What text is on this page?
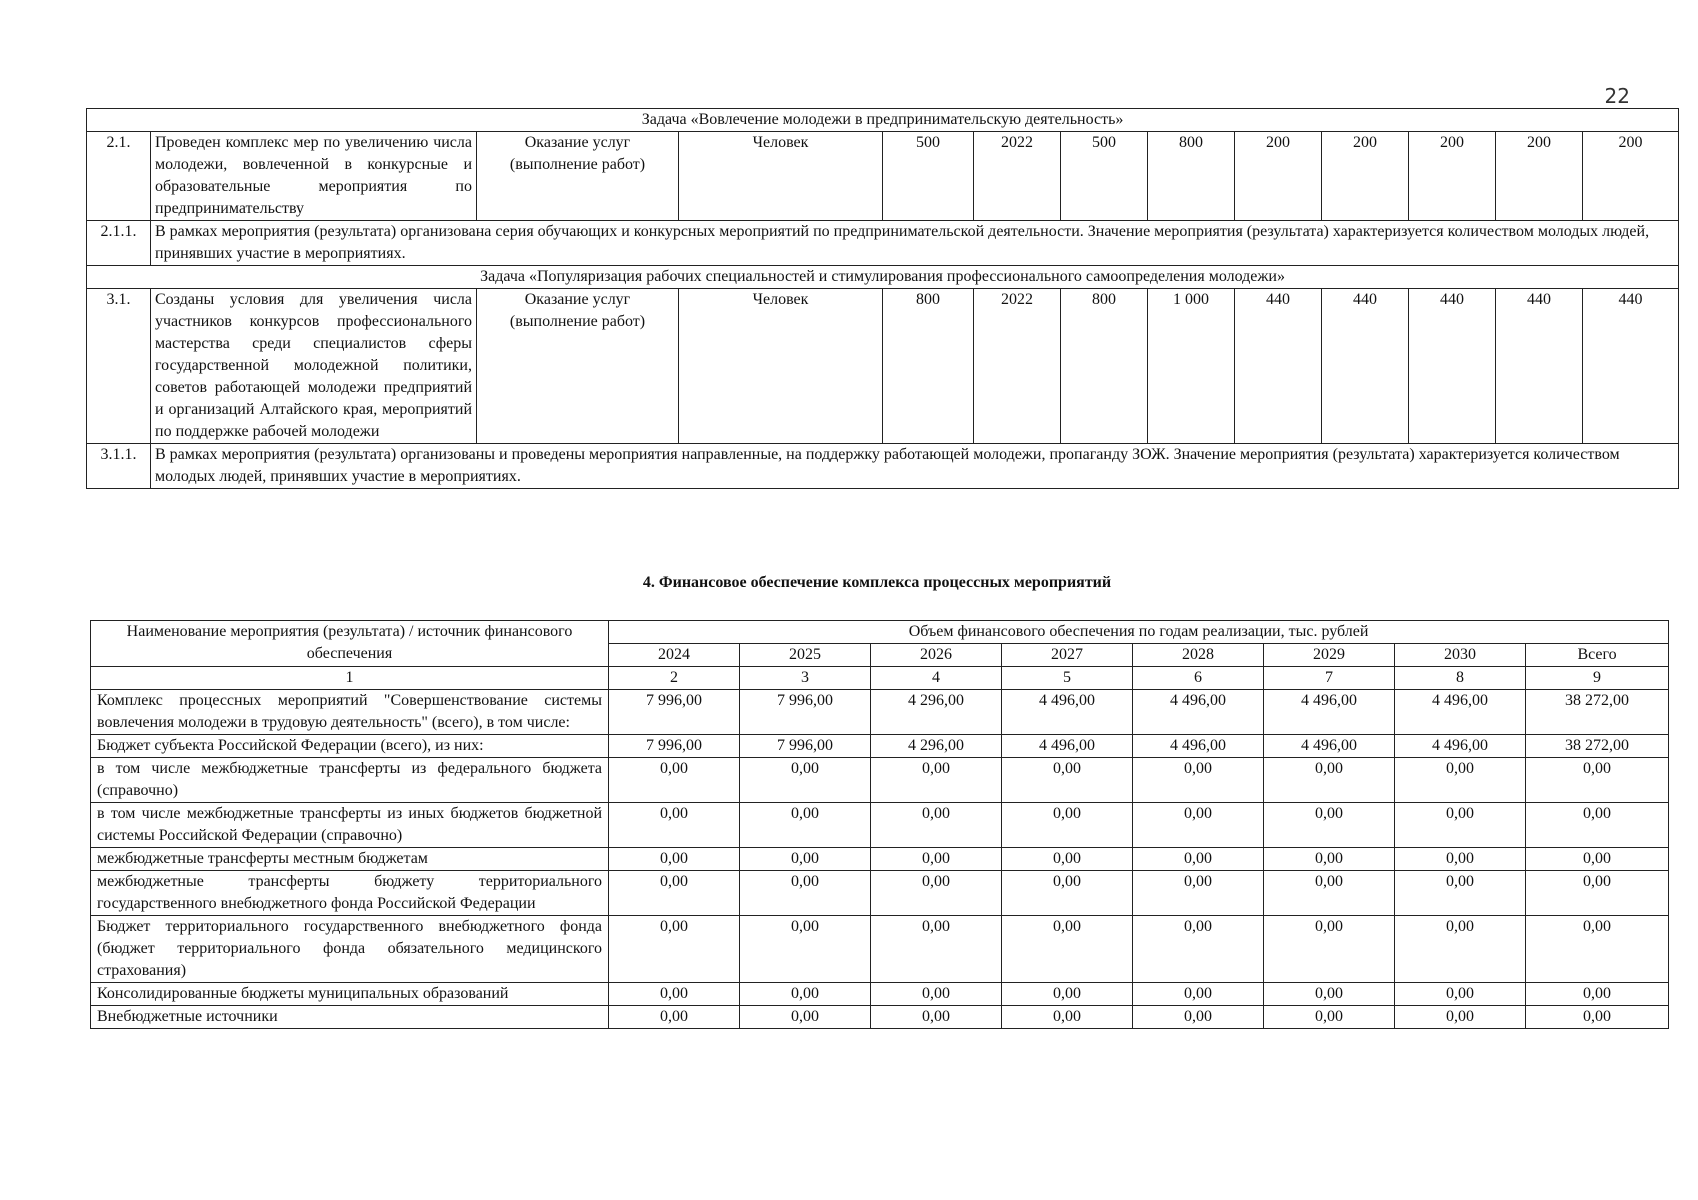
22
Задача «Вовлечение молодежи в предпринимательскую деятельность»												
2.1.	Проведен комплекс мер по увеличению числа молодежи, вовлеченной в конкурсные и образовательные мероприятия по предпринимательству	Оказание услуг (выполнение работ)	Человек	500	2022	500	800	200	200	200	200	200
2.1.1.	В рамках мероприятия (результата) организована серия обучающих и конкурсных мероприятий по предпринимательской деятельности. Значение мероприятия (результата) характеризуется количеством молодых людей, принявших участие в мероприятиях.											
Задача «Популяризация рабочих специальностей и стимулирования профессионального самоопределения молодежи»												
3.1.	Созданы условия для увеличения числа участников конкурсов профессионального мастерства среди специалистов сферы государственной молодежной политики, советов работающей молодежи предприятий и организаций Алтайского края, мероприятий по поддержке рабочей молодежи	Оказание услуг (выполнение работ)	Человек	800	2022	800	1 000	440	440	440	440	440
3.1.1.	В рамках мероприятия (результата) организованы и проведены мероприятия направленные, на поддержку работающей молодежи, пропаганду ЗОЖ. Значение мероприятия (результата) характеризуется количеством молодых людей, принявших участие в мероприятиях.											
4. Финансовое обеспечение комплекса процессных мероприятий
Наименование мероприятия (результата) / источник финансового обеспечения	Объем финансового обеспечения по годам реализации, тыс. рублей							
	2024	2025	2026	2027	2028	2029	2030	Всего
1	2	3	4	5	6	7	8	9
Комплекс процессных мероприятий "Совершенствование системы вовлечения молодежи в трудовую деятельность" (всего), в том числе:	7 996,00	7 996,00	4 296,00	4 496,00	4 496,00	4 496,00	4 496,00	38 272,00
Бюджет субъекта Российской Федерации (всего), из них:	7 996,00	7 996,00	4 296,00	4 496,00	4 496,00	4 496,00	4 496,00	38 272,00
в том числе межбюджетные трансферты из федерального бюджета (справочно)	0,00	0,00	0,00	0,00	0,00	0,00	0,00	0,00
в том числе межбюджетные трансферты из иных бюджетов бюджетной системы Российской Федерации (справочно)	0,00	0,00	0,00	0,00	0,00	0,00	0,00	0,00
межбюджетные трансферты местным бюджетам	0,00	0,00	0,00	0,00	0,00	0,00	0,00	0,00
межбюджетные трансферты бюджету территориального государственного внебюджетного фонда Российской Федерации	0,00	0,00	0,00	0,00	0,00	0,00	0,00	0,00
Бюджет территориального государственного внебюджетного фонда (бюджет территориального фонда обязательного медицинского страхования)	0,00	0,00	0,00	0,00	0,00	0,00	0,00	0,00
Консолидированные бюджеты муниципальных образований	0,00	0,00	0,00	0,00	0,00	0,00	0,00	0,00
Внебюджетные источники	0,00	0,00	0,00	0,00	0,00	0,00	0,00	0,00
